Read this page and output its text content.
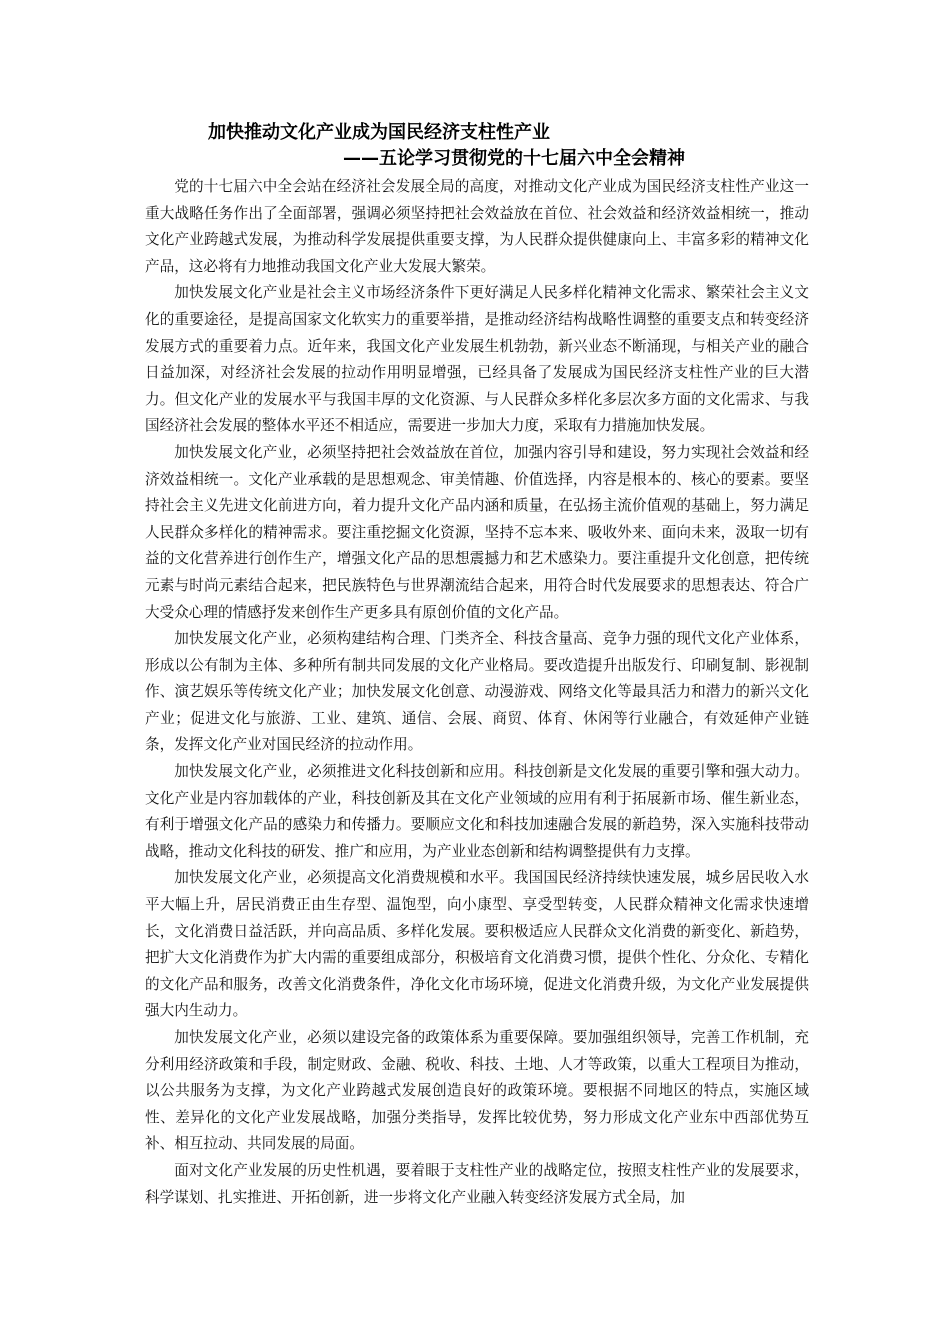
加快推动文化产业成为国民经济支柱性产业
——五论学习贯彻党的十七届六中全会精神

党的十七届六中全会站在经济社会发展全局的高度，对推动文化产业成为国民经济支柱性产业这一重大战略任务作出了全面部署，强调必须坚持把社会效益放在首位、社会效益和经济效益相统一，推动文化产业跨越式发展，为推动科学发展提供重要支撑，为人民群众提供健康向上、丰富多彩的精神文化产品，这必将有力地推动我国文化产业大发展大繁荣。

加快发展文化产业是社会主义市场经济条件下更好满足人民多样化精神文化需求、繁荣社会主义文化的重要途径，是提高国家文化软实力的重要举措，是推动经济结构战略性调整的重要支点和转变经济发展方式的重要着力点。近年来，我国文化产业发展生机勃勃，新兴业态不断涌现，与相关产业的融合日益加深，对经济社会发展的拉动作用明显增强，已经具备了发展成为国民经济支柱性产业的巨大潜力。但文化产业的发展水平与我国丰厚的文化资源、与人民群众多样化多层次多方面的文化需求、与我国经济社会发展的整体水平还不相适应，需要进一步加大力度，采取有力措施加快发展。

加快发展文化产业，必须坚持把社会效益放在首位，加强内容引导和建设，努力实现社会效益和经济效益相统一。文化产业承载的是思想观念、审美情趣、价值选择，内容是根本的、核心的要素。要坚持社会主义先进文化前进方向，着力提升文化产品内涵和质量，在弘扬主流价值观的基础上，努力满足人民群众多样化的精神需求。要注重挖掘文化资源，坚持不忘本来、吸收外来、面向未来，汲取一切有益的文化营养进行创作生产，增强文化产品的思想震撼力和艺术感染力。要注重提升文化创意，把传统元素与时尚元素结合起来，把民族特色与世界潮流结合起来，用符合时代发展要求的思想表达、符合广大受众心理的情感抒发来创作生产更多具有原创价值的文化产品。

加快发展文化产业，必须构建结构合理、门类齐全、科技含量高、竞争力强的现代文化产业体系，形成以公有制为主体、多种所有制共同发展的文化产业格局。要改造提升出版发行、印刷复制、影视制作、演艺娱乐等传统文化产业；加快发展文化创意、动漫游戏、网络文化等最具活力和潜力的新兴文化产业；促进文化与旅游、工业、建筑、通信、会展、商贸、体育、休闲等行业融合，有效延伸产业链条，发挥文化产业对国民经济的拉动作用。

加快发展文化产业，必须推进文化科技创新和应用。科技创新是文化发展的重要引擎和强大动力。文化产业是内容加载体的产业，科技创新及其在文化产业领域的应用有利于拓展新市场、催生新业态，有利于增强文化产品的感染力和传播力。要顺应文化和科技加速融合发展的新趋势，深入实施科技带动战略，推动文化科技的研发、推广和应用，为产业业态创新和结构调整提供有力支撑。

加快发展文化产业，必须提高文化消费规模和水平。我国国民经济持续快速发展，城乡居民收入水平大幅上升，居民消费正由生存型、温饱型，向小康型、享受型转变，人民群众精神文化需求快速增长，文化消费日益活跃，并向高品质、多样化发展。要积极适应人民群众文化消费的新变化、新趋势，把扩大文化消费作为扩大内需的重要组成部分，积极培育文化消费习惯，提供个性化、分众化、专精化的文化产品和服务，改善文化消费条件，净化文化市场环境，促进文化消费升级，为文化产业发展提供强大内生动力。

加快发展文化产业，必须以建设完备的政策体系为重要保障。要加强组织领导，完善工作机制，充分利用经济政策和手段，制定财政、金融、税收、科技、土地、人才等政策，以重大工程项目为推动，以公共服务为支撑，为文化产业跨越式发展创造良好的政策环境。要根据不同地区的特点，实施区域性、差异化的文化产业发展战略，加强分类指导，发挥比较优势，努力形成文化产业东中西部优势互补、相互拉动、共同发展的局面。

面对文化产业发展的历史性机遇，要着眼于支柱性产业的战略定位，按照支柱性产业的发展要求，科学谋划、扎实推进、开拓创新，进一步将文化产业融入转变经济发展方式全局，加
